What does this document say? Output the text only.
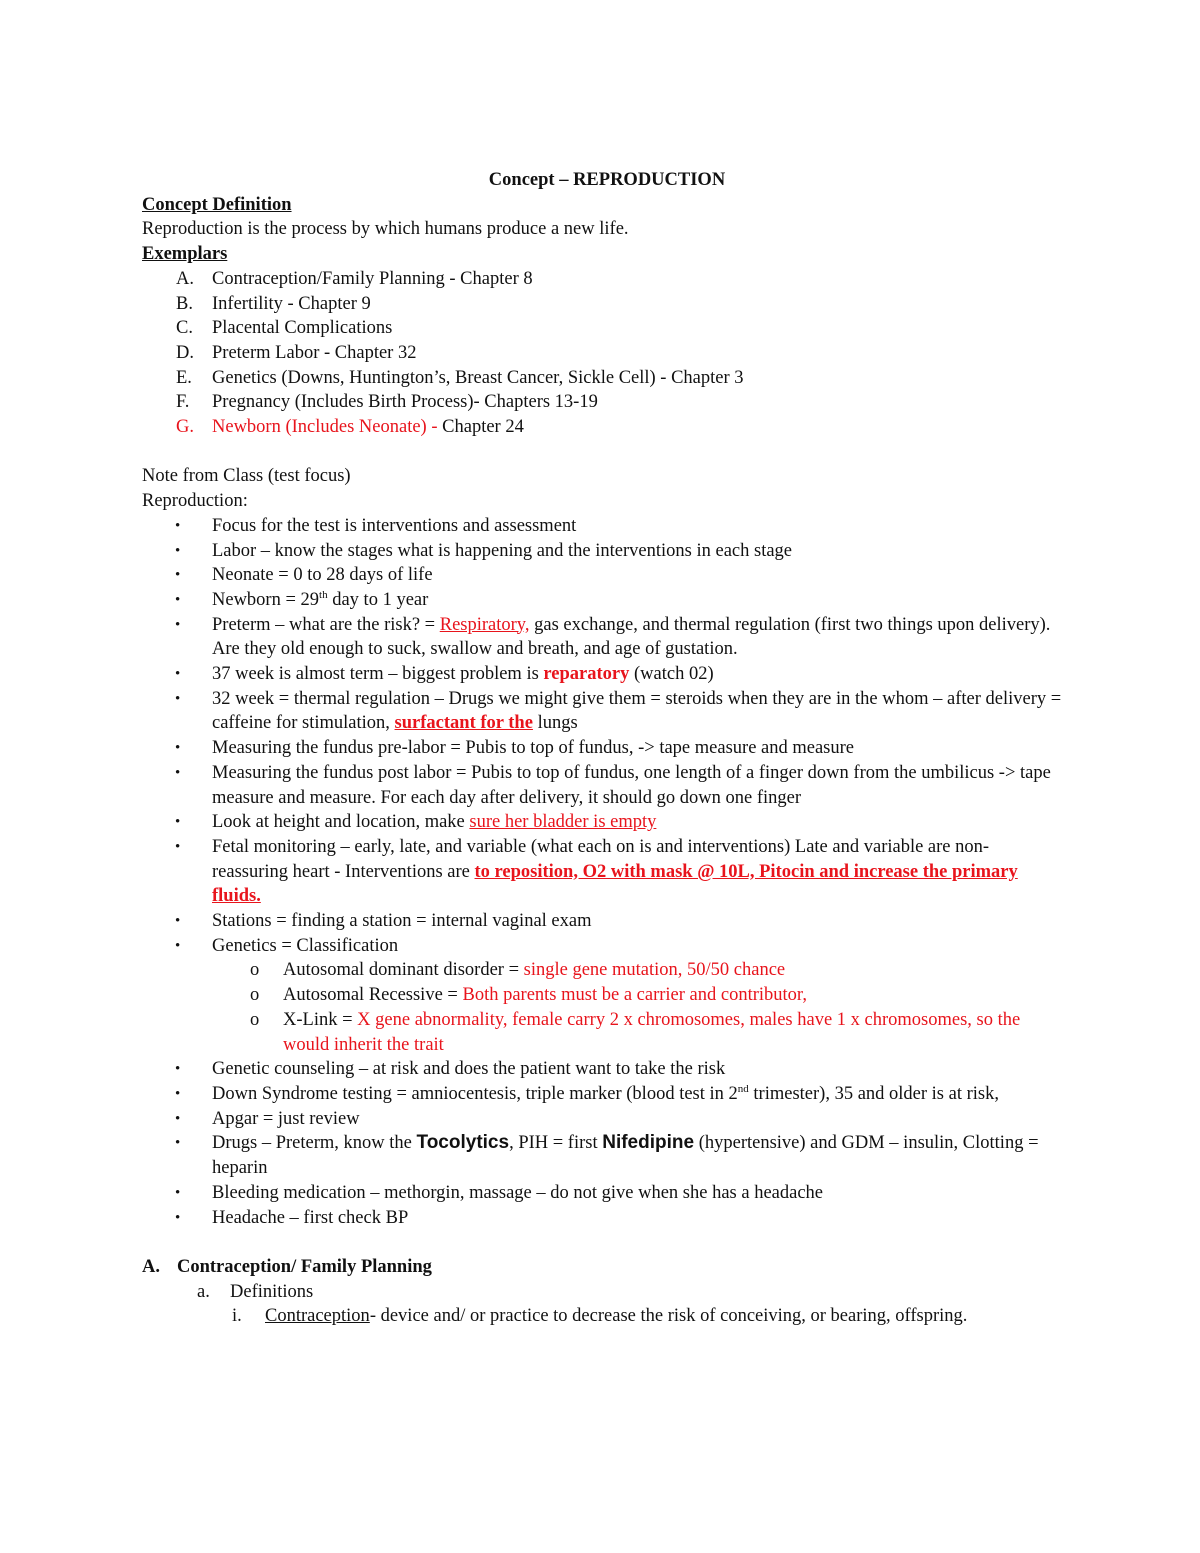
Concept – REPRODUCTION
Concept Definition
Reproduction is the process by which humans produce a new life.
Exemplars
A. Contraception/Family Planning - Chapter 8
B. Infertility - Chapter 9
C. Placental Complications
D. Preterm Labor - Chapter 32
E. Genetics (Downs, Huntington’s, Breast Cancer, Sickle Cell) - Chapter 3
F. Pregnancy (Includes Birth Process)- Chapters 13-19
G. Newborn (Includes Neonate) - Chapter 24
Note from Class (test focus)
Reproduction:
• Focus for the test is interventions and assessment
• Labor – know the stages what is happening and the interventions in each stage
• Neonate = 0 to 28 days of life
• Newborn = 29th day to 1 year
• Preterm – what are the risk? = Respiratory, gas exchange, and thermal regulation (first two things upon delivery). Are they old enough to suck, swallow and breath, and age of gustation.
• 37 week is almost term – biggest problem is reparatory (watch 02)
• 32 week = thermal regulation – Drugs we might give them = steroids when they are in the whom – after delivery = caffeine for stimulation, surfactant for the lungs
• Measuring the fundus pre-labor = Pubis to top of fundus, -> tape measure and measure
• Measuring the fundus post labor = Pubis to top of fundus, one length of a finger down from the umbilicus -> tape measure and measure. For each day after delivery, it should go down one finger
• Look at height and location, make sure her bladder is empty
• Fetal monitoring – early, late, and variable (what each on is and interventions) Late and variable are non-reassuring heart - Interventions are to reposition, O2 with mask @ 10L, Pitocin and increase the primary fluids.
• Stations = finding a station = internal vaginal exam
• Genetics = Classification
o Autosomal dominant disorder = single gene mutation, 50/50 chance
o Autosomal Recessive = Both parents must be a carrier and contributor,
o X-Link = X gene abnormality, female carry 2 x chromosomes, males have 1 x chromosomes, so the would inherit the trait
• Genetic counseling – at risk and does the patient want to take the risk
• Down Syndrome testing = amniocentesis, triple marker (blood test in 2nd trimester), 35 and older is at risk,
• Apgar = just review
• Drugs – Preterm, know the Tocolytics, PIH = first Nifedipine (hypertensive) and GDM – insulin, Clotting = heparin
• Bleeding medication – methorgin, massage – do not give when she has a headache
• Headache – first check BP
A. Contraception/ Family Planning
a. Definitions
i. Contraception- device and/ or practice to decrease the risk of conceiving, or bearing, offspring.
